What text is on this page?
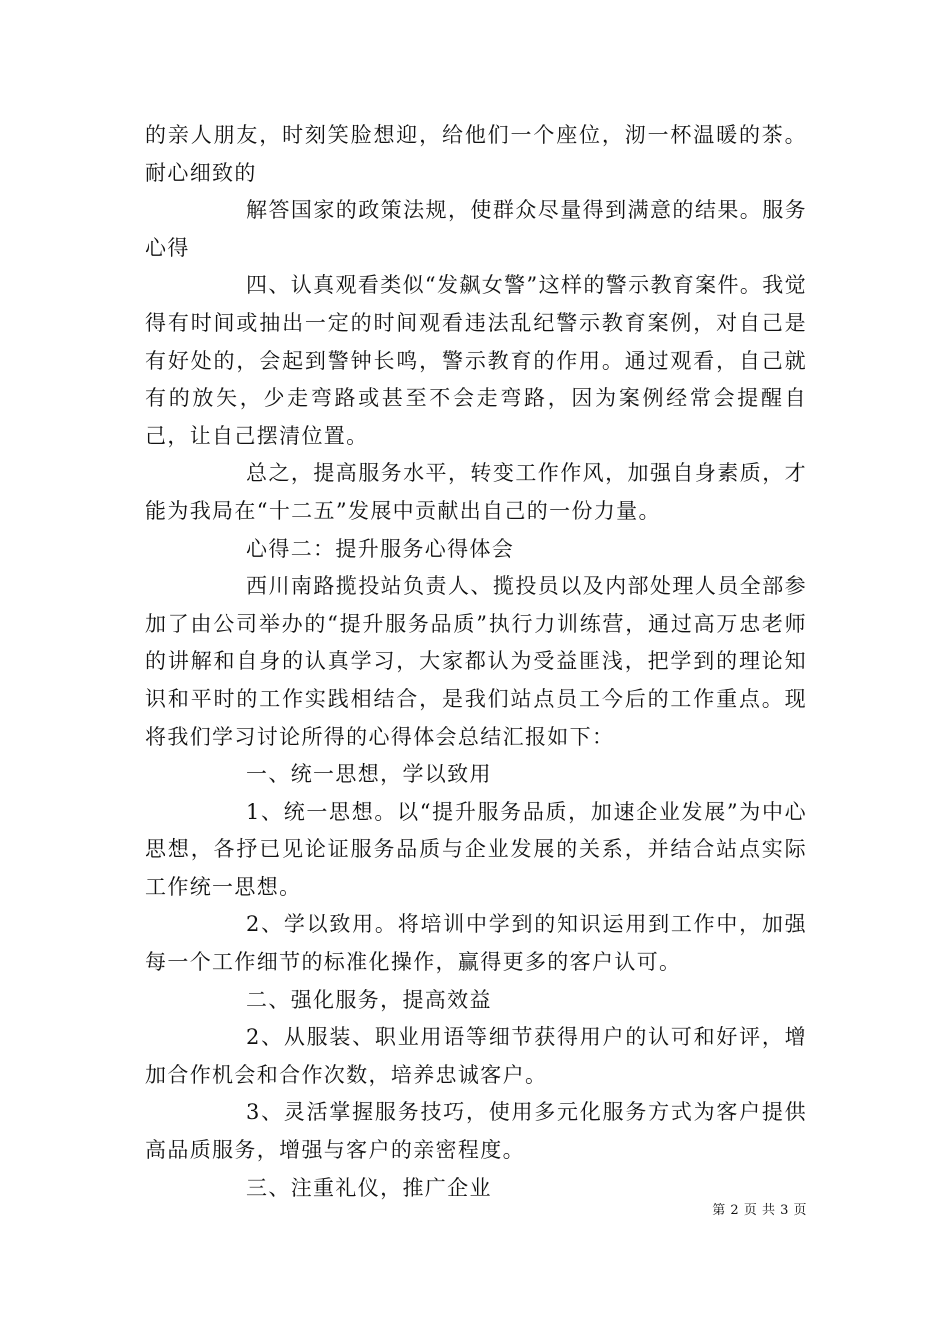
的亲人朋友，时刻笑脸想迎，给他们一个座位，沏一杯温暖的茶。耐心细致的

解答国家的政策法规，使群众尽量得到满意的结果。服务心得

四、认真观看类似“发飙女警”这样的警示教育案件。我觉得有时间或抽出一定的时间观看违法乱纪警示教育案例，对自己是有好处的，会起到警钟长鸣，警示教育的作用。通过观看，自己就有的放矢，少走弯路或甚至不会走弯路，因为案例经常会提醒自己，让自己摆清位置。

总之，提高服务水平，转变工作作风，加强自身素质，才能为我局在“十二五”发展中贡献出自己的一份力量。

心得二：提升服务心得体会

西川南路揽投站负责人、揽投员以及内部处理人员全部参加了由公司举办的“提升服务品质”执行力训练营，通过高万忠老师的讲解和自身的认真学习，大家都认为受益匪浅，把学到的理论知识和平时的工作实践相结合，是我们站点员工今后的工作重点。现将我们学习讨论所得的心得体会总结汇报如下：

一、统一思想，学以致用

1、统一思想。以“提升服务品质，加速企业发展”为中心思想，各抒已见论证服务品质与企业发展的关系，并结合站点实际工作统一思想。

2、学以致用。将培训中学到的知识运用到工作中，加强每一个工作细节的标准化操作，赢得更多的客户认可。

二、强化服务，提高效益

2、从服装、职业用语等细节获得用户的认可和好评，增加合作机会和合作次数，培养忠诚客户。

3、灵活掌握服务技巧，使用多元化服务方式为客户提供高品质服务，增强与客户的亲密程度。

三、注重礼仪，推广企业

第 2 页 共 3 页
